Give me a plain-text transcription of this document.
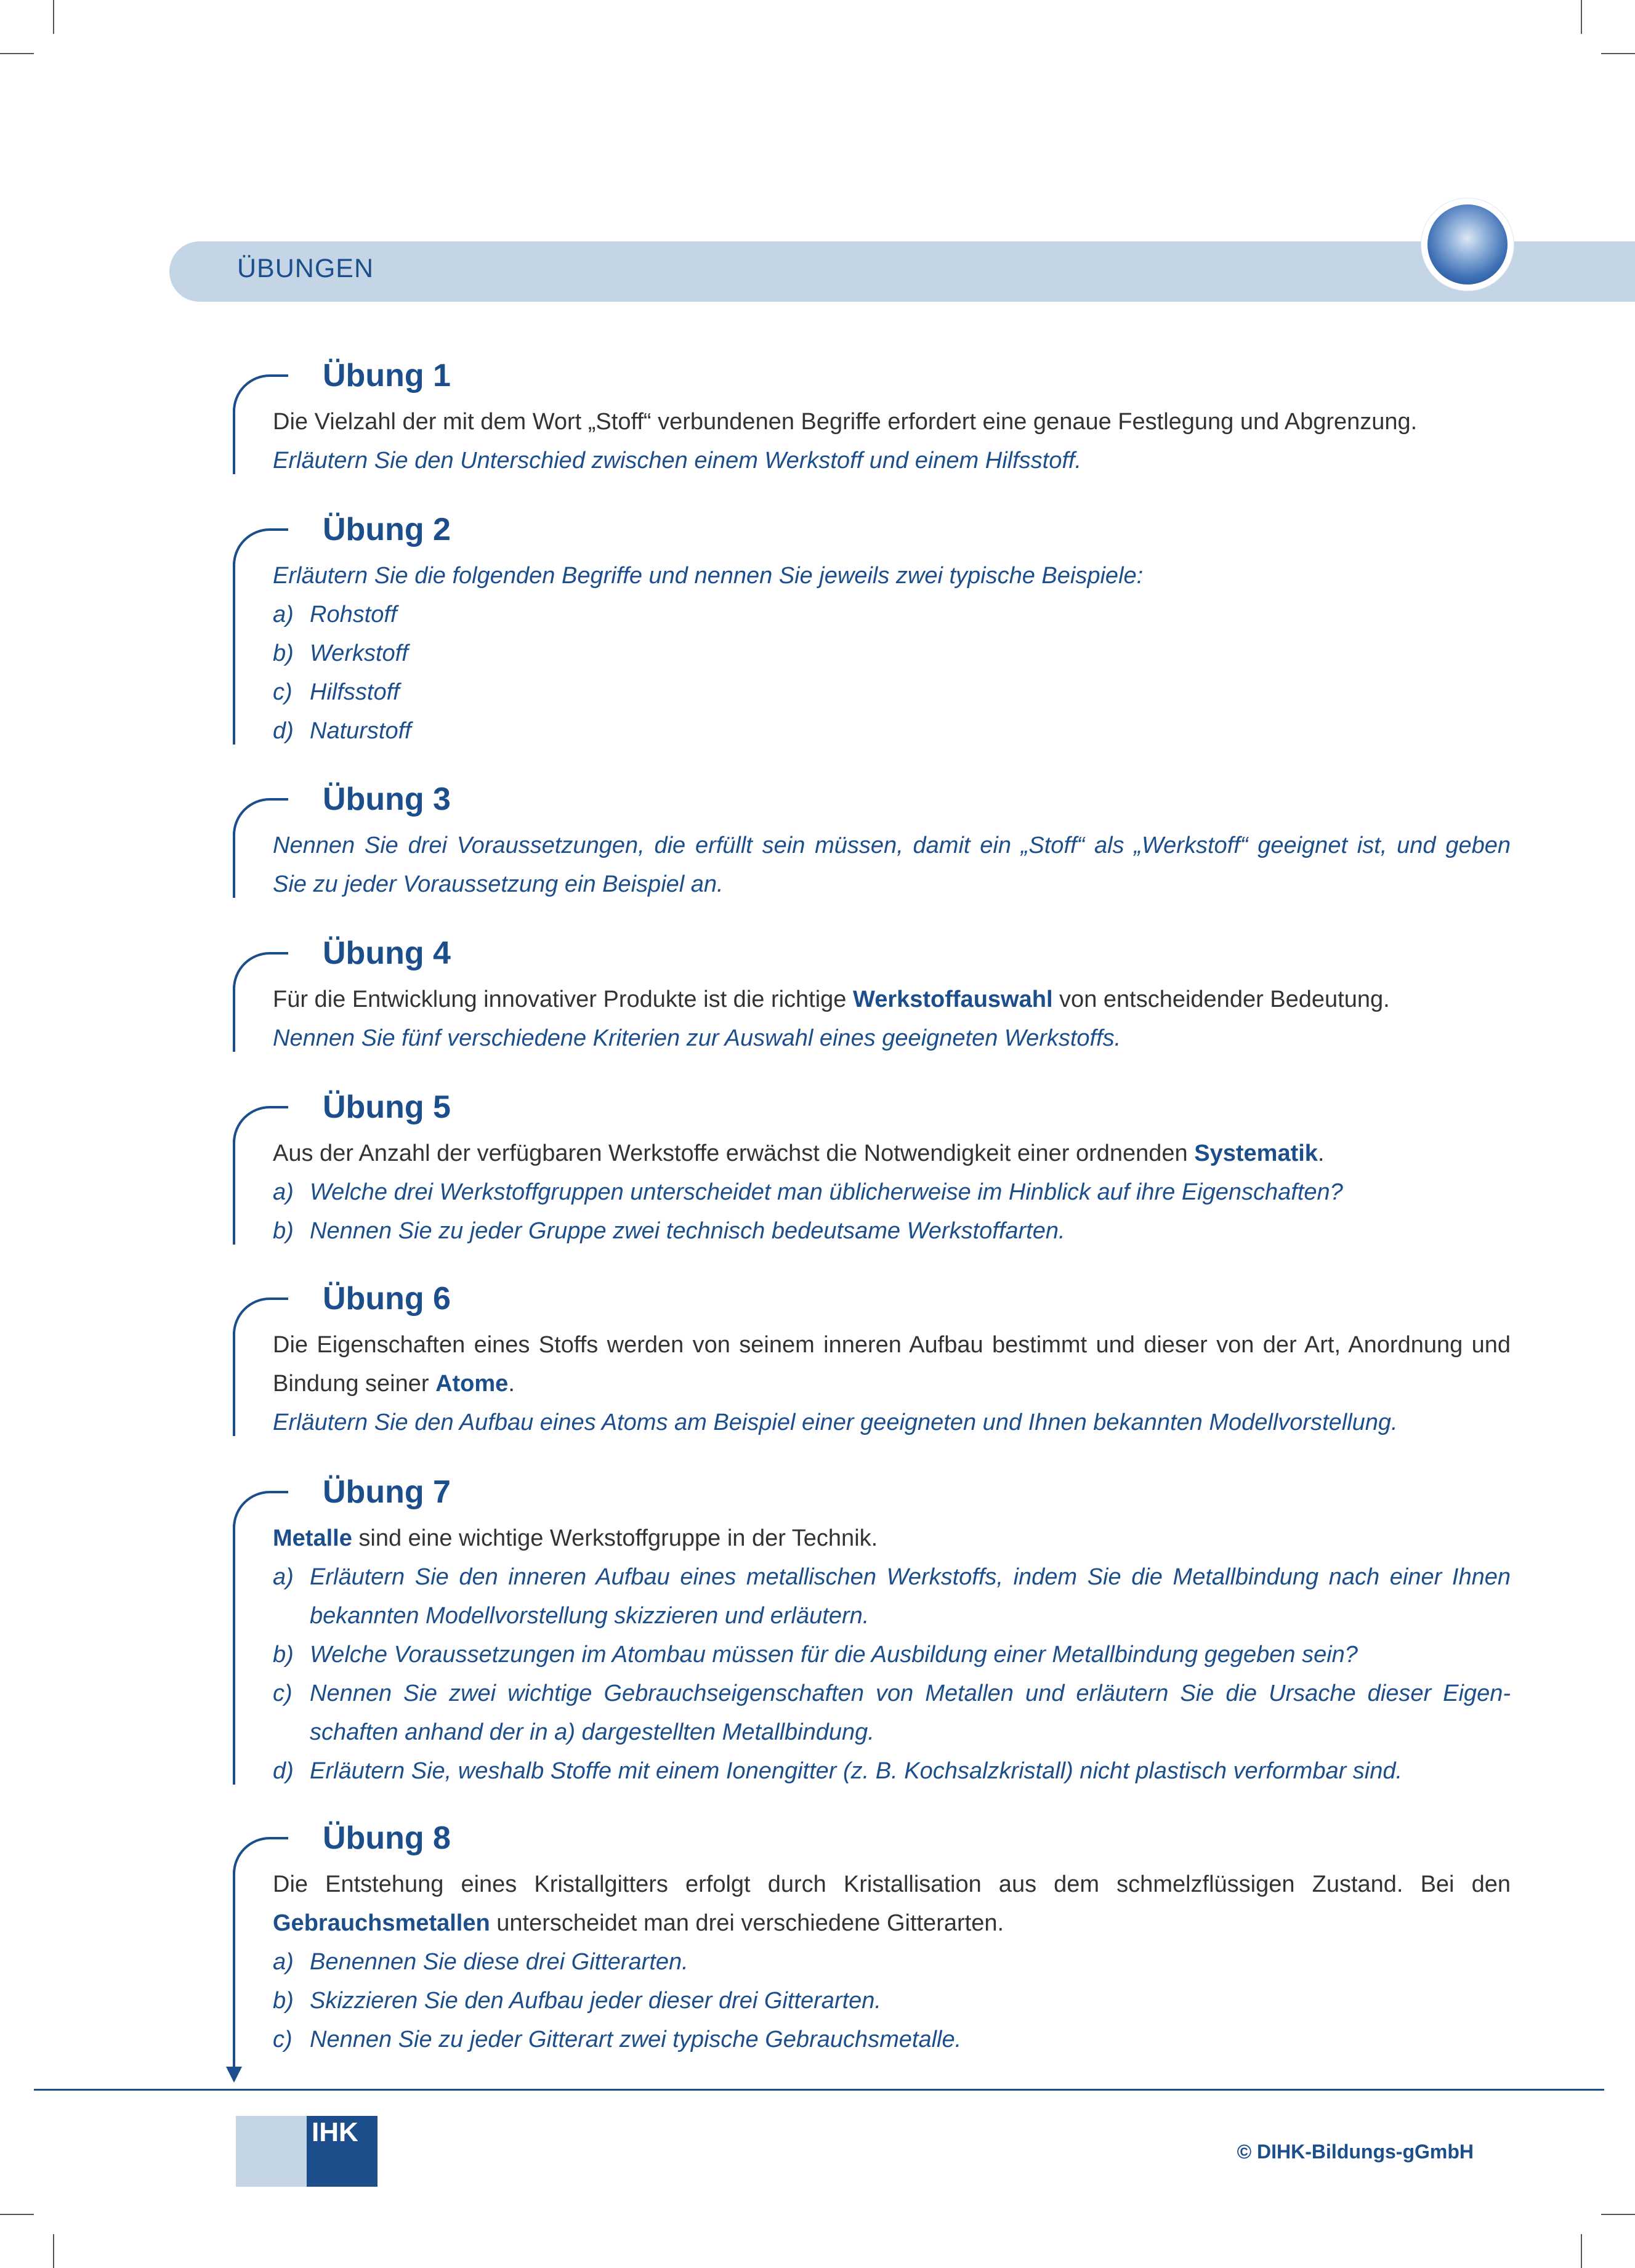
ÜBUNGEN
Übung 1
Die Vielzahl der mit dem Wort „Stoff“ verbundenen Begriffe erfordert eine genaue Festlegung und Abgrenzung.
Erläutern Sie den Unterschied zwischen einem Werkstoff und einem Hilfsstoff.
Übung 2
Erläutern Sie die folgenden Begriffe und nennen Sie jeweils zwei typische Beispiele:
a) Rohstoff
b) Werkstoff
c) Hilfsstoff
d) Naturstoff
Übung 3
Nennen Sie drei Voraussetzungen, die erfüllt sein müssen, damit ein „Stoff“ als „Werkstoff“ geeignet ist, und geben
Sie zu jeder Voraussetzung ein Beispiel an.
Übung 4
Für die Entwicklung innovativer Produkte ist die richtige Werkstoffauswahl von entscheidender Bedeutung.
Nennen Sie fünf verschiedene Kriterien zur Auswahl eines geeigneten Werkstoffs.
Übung 5
Aus der Anzahl der verfügbaren Werkstoffe erwächst die Notwendigkeit einer ordnenden Systematik.
a) Welche drei Werkstoffgruppen unterscheidet man üblicherweise im Hinblick auf ihre Eigenschaften?
b) Nennen Sie zu jeder Gruppe zwei technisch bedeutsame Werkstoffarten.
Übung 6
Die Eigenschaften eines Stoffs werden von seinem inneren Aufbau bestimmt und dieser von der Art, Anordnung und
Bindung seiner Atome.
Erläutern Sie den Aufbau eines Atoms am Beispiel einer geeigneten und Ihnen bekannten Modellvorstellung.
Übung 7
Metalle sind eine wichtige Werkstoffgruppe in der Technik.
a) Erläutern Sie den inneren Aufbau eines metallischen Werkstoffs, indem Sie die Metallbindung nach einer Ihnen
bekannten Modellvorstellung skizzieren und erläutern.
b) Welche Voraussetzungen im Atombau müssen für die Ausbildung einer Metallbindung gegeben sein?
c) Nennen Sie zwei wichtige Gebrauchseigenschaften von Metallen und erläutern Sie die Ursache dieser Eigen-
schaften anhand der in a) dargestellten Metallbindung.
d) Erläutern Sie, weshalb Stoffe mit einem Ionengitter (z. B. Kochsalzkristall) nicht plastisch verformbar sind.
Übung 8
Die Entstehung eines Kristallgitters erfolgt durch Kristallisation aus dem schmelzflüssigen Zustand. Bei den
Gebrauchsmetallen unterscheidet man drei verschiedene Gitterarten.
a) Benennen Sie diese drei Gitterarten.
b) Skizzieren Sie den Aufbau jeder dieser drei Gitterarten.
c) Nennen Sie zu jeder Gitterart zwei typische Gebrauchsmetalle.
IHK
© DIHK-Bildungs-gGmbH
